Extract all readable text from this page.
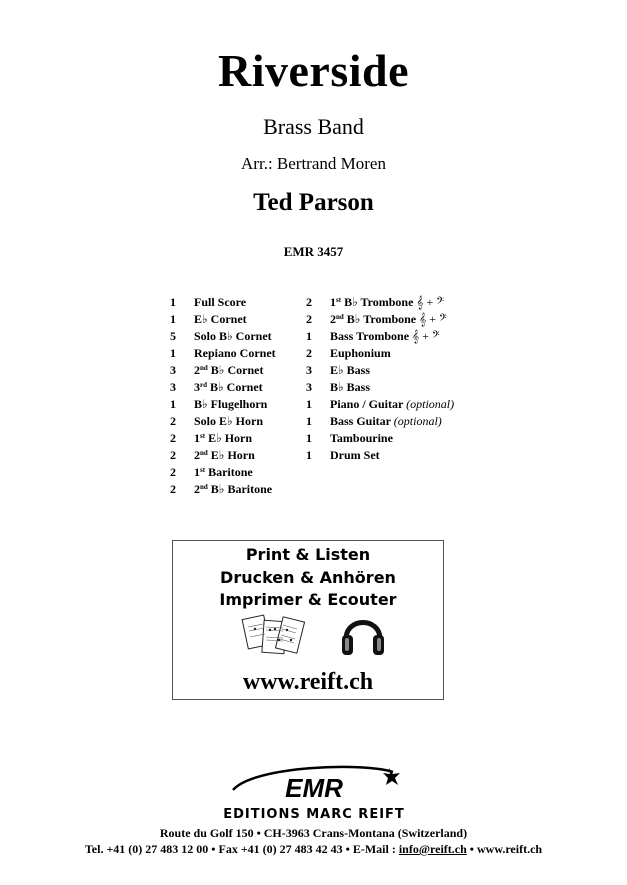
Riverside
Brass Band
Arr.: Bertrand Moren
Ted Parson
EMR 3457
1 Full Score
1 E♭ Cornet
5 Solo B♭ Cornet
1 Repiano Cornet
3 2nd B♭ Cornet
3 3rd B♭ Cornet
1 B♭ Flugelhorn
2 Solo E♭ Horn
2 1st E♭ Horn
2 2nd E♭ Horn
2 1st Baritone
2 2nd B♭ Baritone
2 1st B♭ Trombone 𝄞 + 𝄢
2 2nd B♭ Trombone 𝄞 + 𝄢
1 Bass Trombone 𝄞 + 𝄢
2 Euphonium
3 E♭ Bass
3 B♭ Bass
1 Piano / Guitar (optional)
1 Bass Guitar (optional)
1 Tambourine
1 Drum Set
Print & Listen
Drucken & Anhören
Imprimer & Ecouter
www.reift.ch
EMR
EDITIONS MARC REIFT
Route du Golf 150 • CH-3963 Crans-Montana (Switzerland)
Tel. +41 (0) 27 483 12 00 • Fax +41 (0) 27 483 42 43 • E-Mail : info@reift.ch • www.reift.ch
